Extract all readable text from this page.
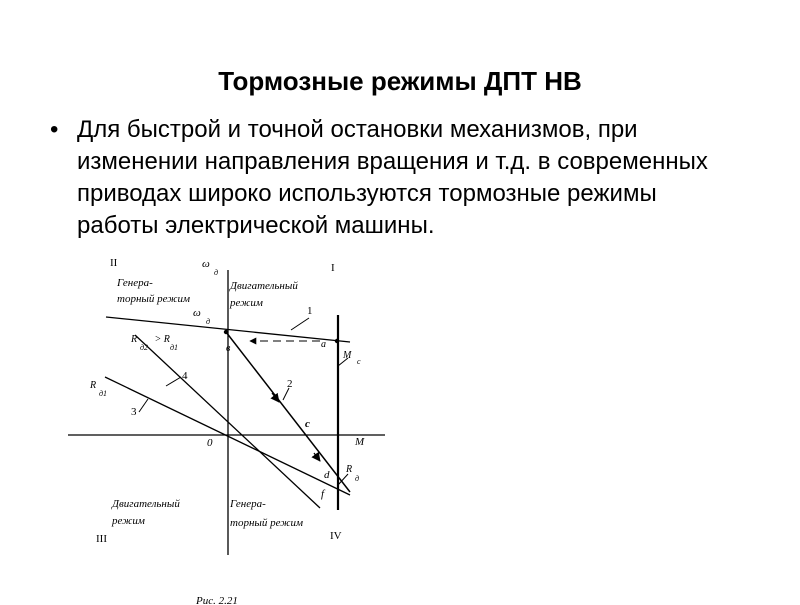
Тормозные режимы ДПТ НВ
• Для быстрой и точной остановки механизмов, при изменении направления вращения и т.д. в современных приводах широко используются тормозные режимы работы электрической машины.
II	I
III	IV
ω
д
M
0
ω
д
Двигательный
режим
Генера-
торный режим
Двигательный
режим
Генера-
торный режим
1
2
3
4
a
в
c
d
f
R
д2
> R
д1
R
д1
R
д
M
c
Рис. 2.21
